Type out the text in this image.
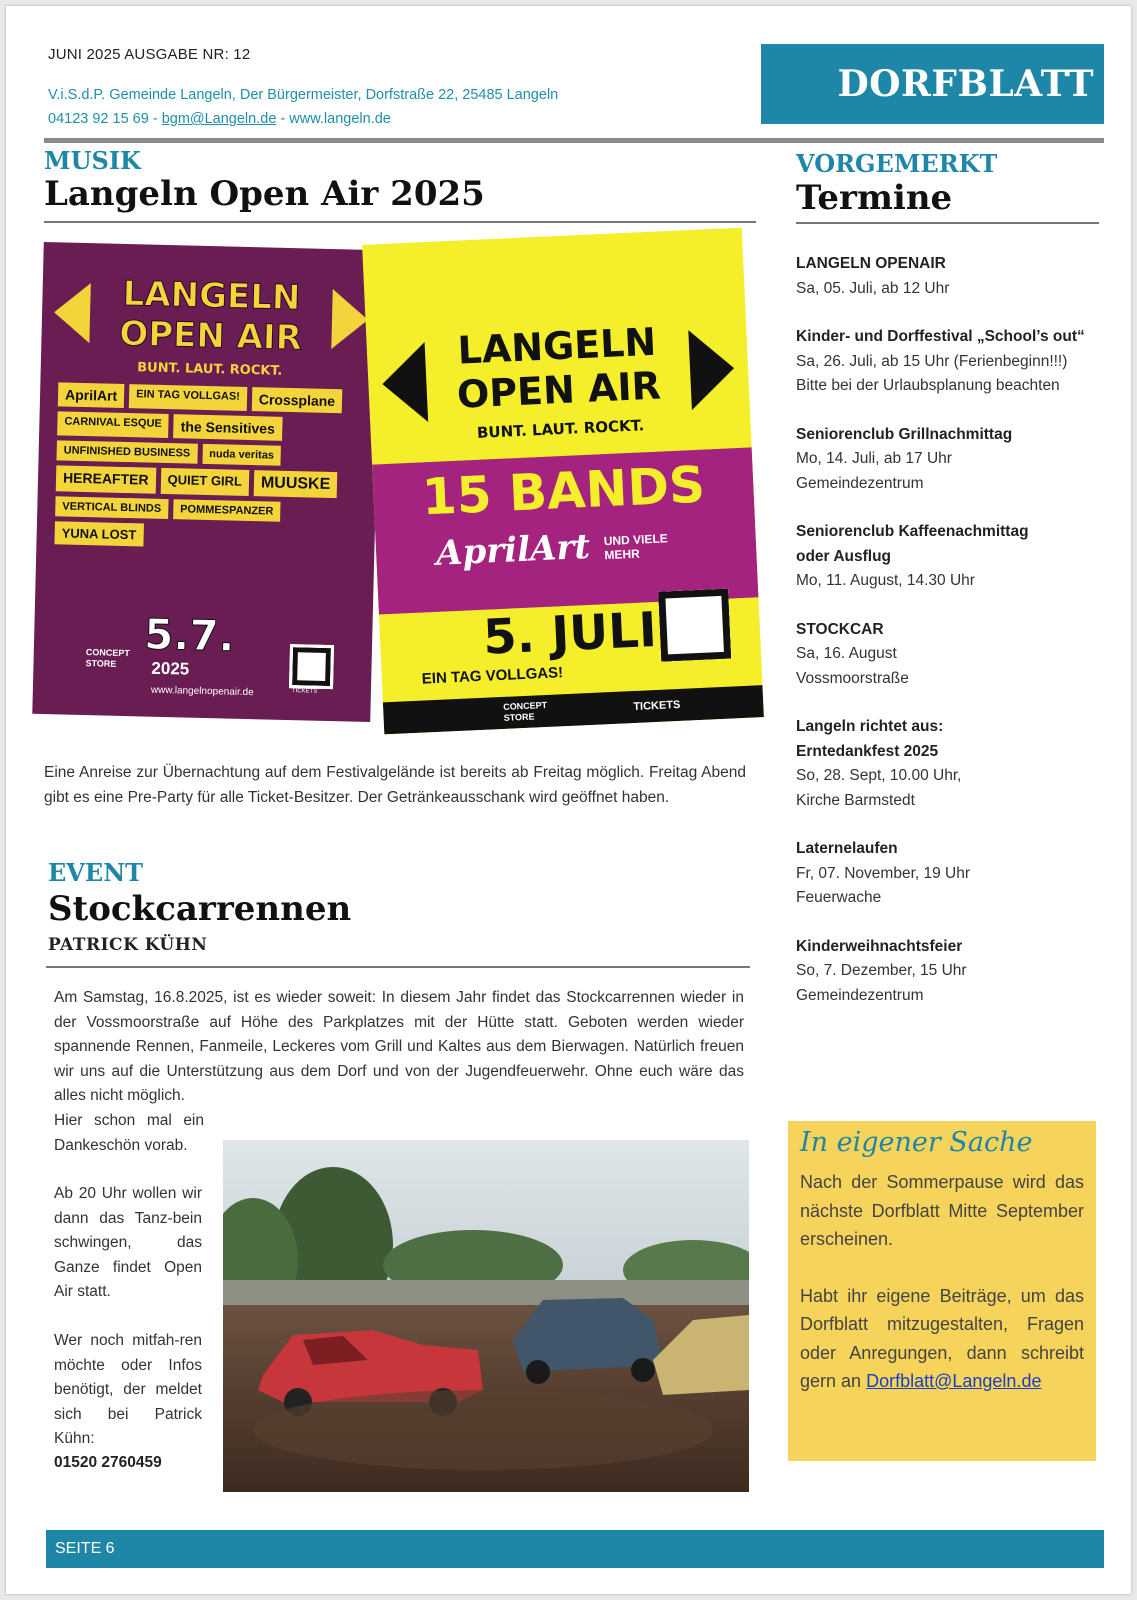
JUNI 2025 AUSGABE NR: 12
V.i.S.d.P. Gemeinde Langeln, Der Bürgermeister, Dorfstraße 22, 25485 Langeln
04123 92 15 69 - bgm@Langeln.de - www.langeln.de
DORFBLATT
MUSIK
Langeln Open Air 2025
LANGELN
OPEN AIR
BUNT. LAUT. ROCKT.
AprilArt	EIN TAG VOLLGAS!	Crossplane
CARNIVAL ESQUE	the Sensitives
UNFINISHED BUSINESS	nuda veritas
HEREAFTER	QUIET GIRL	MUUSKE
VERTICAL BLINDS	POMMESPANZER
YUNA LOST
5.7.
2025
CONCEPT STORE
www.langelnopenair.de	TICKETS
LANGELN
OPEN AIR
BUNT. LAUT. ROCKT.
15 BANDS
AprilArt UND VIELE MEHR
5. JULI
EIN TAG VOLLGAS!
CONCEPT STORE
TICKETS
Eine Anreise zur Übernachtung auf dem Festivalgelände ist bereits ab Freitag möglich. Freitag Abend gibt es eine Pre-Party für alle Ticket-Besitzer. Der Getränkeausschank wird geöffnet haben.
EVENT
Stockcarrennen
PATRICK KÜHN
Am Samstag, 16.8.2025, ist es wieder soweit: In diesem Jahr findet das Stockcarrennen wieder in der Vossmoorstraße auf Höhe des Parkplatzes mit der Hütte statt. Geboten werden wieder spannende Rennen, Fanmeile, Leckeres vom Grill und Kaltes aus dem Bierwagen. Natürlich freuen wir uns auf die Unterstützung aus dem Dorf und von der Jugendfeuerwehr. Ohne euch wäre das alles nicht möglich.
Hier schon mal ein Dankeschön vorab.
Ab 20 Uhr wollen wir dann das Tanz-bein schwingen, das Ganze findet Open Air statt.
Wer noch mitfah-ren möchte oder Infos benötigt, der meldet sich bei Patrick Kühn:
01520 2760459
VORGEMERKT
Termine
LANGELN OPENAIR
Sa, 05. Juli, ab 12 Uhr
Kinder- und Dorffestival „School’s out“
Sa, 26. Juli, ab 15 Uhr (Ferienbeginn!!!)
Bitte bei der Urlaubsplanung beachten
Seniorenclub Grillnachmittag
Mo, 14. Juli, ab 17 Uhr
Gemeindezentrum
Seniorenclub Kaffeenachmittag oder Ausflug
Mo, 11. August, 14.30 Uhr
STOCKCAR
Sa, 16. August
Vossmoorstraße
Langeln richtet aus: Erntedankfest 2025
So, 28. Sept, 10.00 Uhr,
Kirche Barmstedt
Laternelaufen
Fr, 07. November, 19 Uhr
Feuerwache
Kinderweihnachtsfeier
So, 7. Dezember, 15 Uhr
Gemeindezentrum
In eigener Sache

Nach der Sommerpause wird das nächste Dorfblatt Mitte September erscheinen.

Habt ihr eigene Beiträge, um das Dorfblatt mitzugestalten, Fragen oder Anregungen, dann schreibt gern an Dorfblatt@Langeln.de

SEITE 6
